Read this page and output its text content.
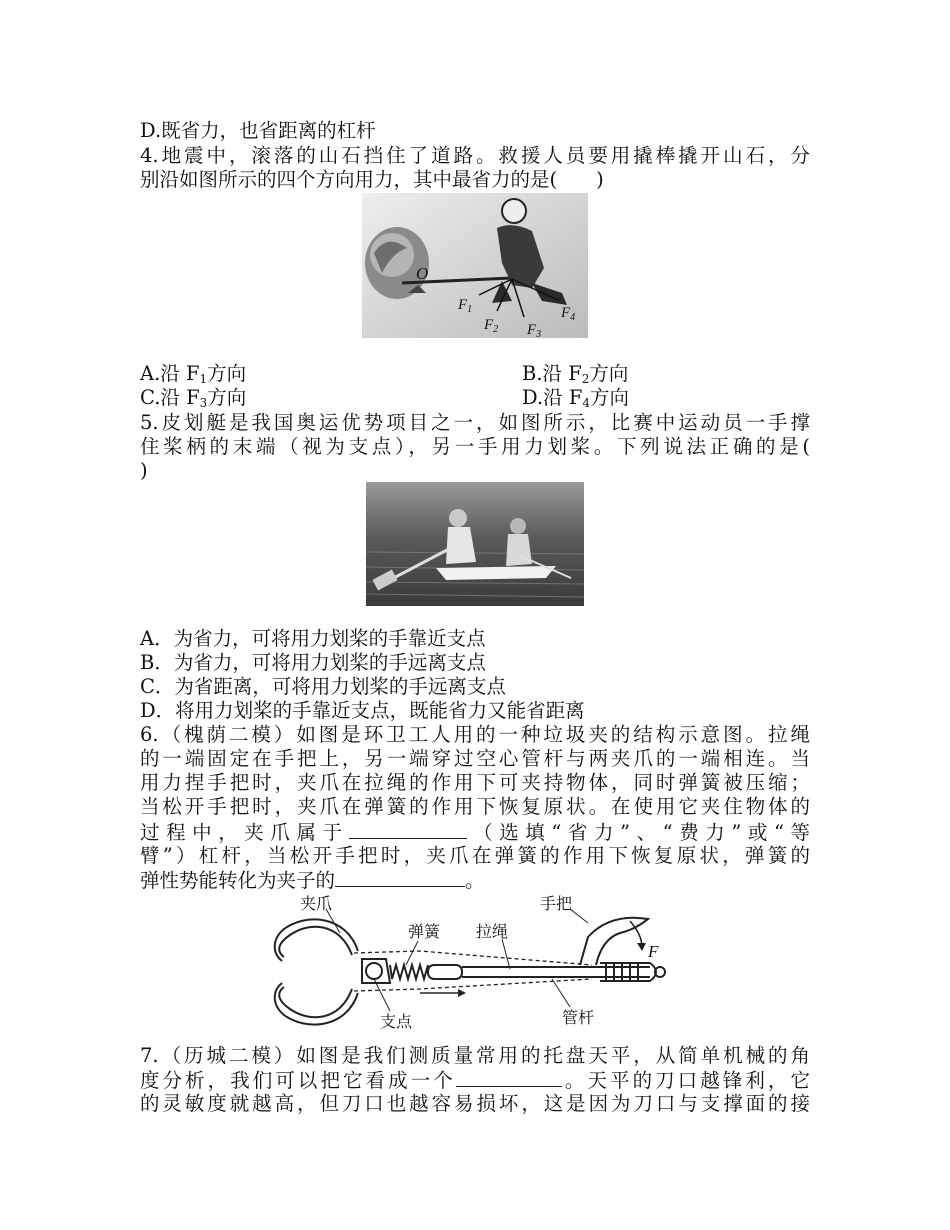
D.既省力，也省距离的杠杆
4.地震中，滚落的山石挡住了道路。救援人员要用撬棒撬开山石，分
别沿如图所示的四个方向用力，其中最省力的是(　　)
O
$F_1$
$F_2$ $F_3$
$F_4$
A.沿 $F_1$方向	B.沿 $F_2$方向
C.沿 $F_3$方向	D.沿 $F_4$方向
5.皮划艇是我国奥运优势项目之一，如图所示，比赛中运动员一手撑
住桨柄的末端（视为支点），另一手用力划桨。下列说法正确的是(
)
A．为省力，可将用力划桨的手靠近支点
B．为省力，可将用力划桨的手远离支点
C．为省距离，可将用力划桨的手远离支点
D．将用力划桨的手靠近支点，既能省力又能省距离
6.（槐荫二模）如图是环卫工人用的一种垃圾夹的结构示意图。拉绳
的一端固定在手把上，另一端穿过空心管杆与两夹爪的一端相连。当
用力捏手把时，夹爪在拉绳的作用下可夹持物体，同时弹簧被压缩；
当松开手把时，夹爪在弹簧的作用下恢复原状。在使用它夹住物体的
过程中，夹爪属于	（选填“省力”、“费力”或“等
臂”）杠杆，当松开手把时，夹爪在弹簧的作用下恢复原状，弹簧的
弹性势能转化为夹子的	。
夹爪
弹簧 拉绳
手把
支点	管杆
F
7.（历城二模）如图是我们测质量常用的托盘天平，从简单机械的角
度分析，我们可以把它看成一个	。天平的刀口越锋利，它
的灵敏度就越高，但刀口也越容易损坏，这是因为刀口与支撑面的接
